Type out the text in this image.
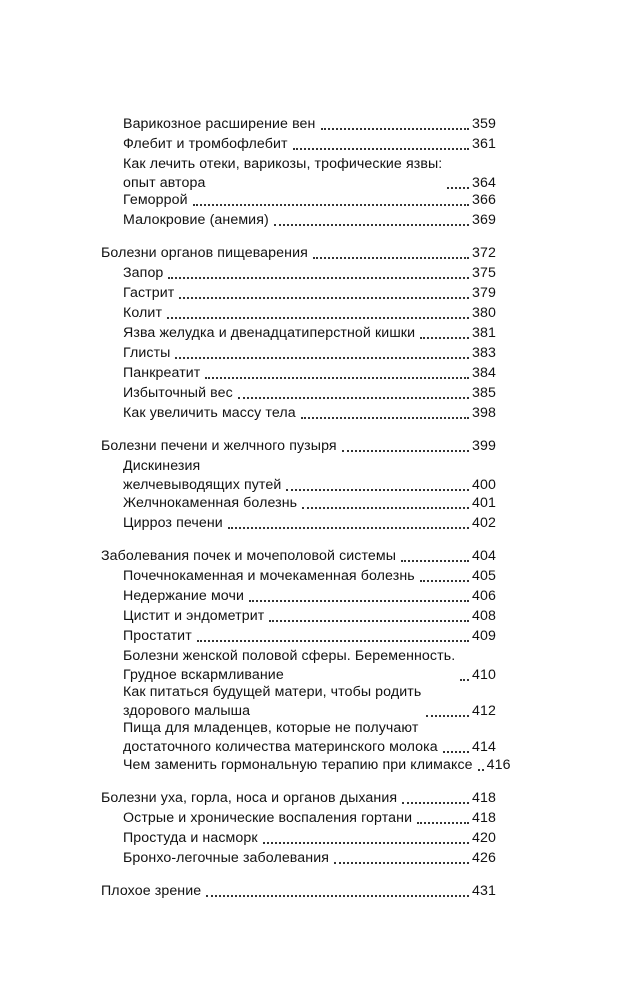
Варикозное расширение вен	359
Флебит и тромбофлебит	361
Как лечить отеки, варикозы, трофические язвы:
опыт автора	364
Геморрой	366
Малокровие (анемия)	369
Болезни органов пищеварения	372
Запор	375
Гастрит	379
Колит	380
Язва желудка и двенадцатиперстной кишки	381
Глисты	383
Панкреатит	384
Избыточный вес	385
Как увеличить массу тела	398
Болезни печени и желчного пузыря	399
Дискинезия
желчевыводящих путей	400
Желчнокаменная болезнь	401
Цирроз печени	402
Заболевания почек и мочеполовой системы	404
Почечнокаменная и мочекаменная болезнь	405
Недержание мочи	406
Цистит и эндометрит	408
Простатит	409
Болезни женской половой сферы. Беременность.
Грудное вскармливание	410
Как питаться будущей матери, чтобы родить
здорового малыша	412
Пища для младенцев, которые не получают
достаточного количества материнского молока 414
Чем заменить гормональную терапию при климаксе 416
Болезни уха, горла, носа и органов дыхания	418
Острые и хронические воспаления гортани	418
Простуда и насморк	420
Бронхо-легочные заболевания	426
Плохое зрение	431
